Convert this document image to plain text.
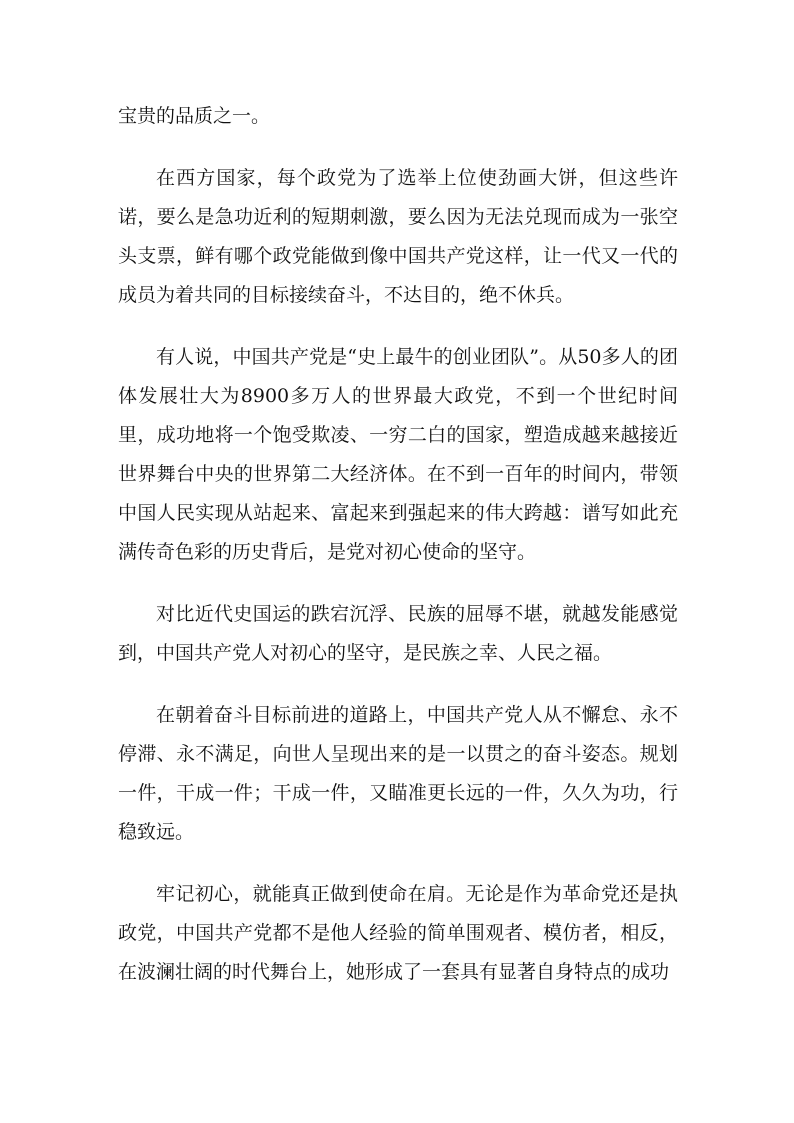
宝贵的品质之一。

在西方国家，每个政党为了选举上位使劲画大饼，但这些许诺，要么是急功近利的短期刺激，要么因为无法兑现而成为一张空头支票，鲜有哪个政党能做到像中国共产党这样，让一代又一代的成员为着共同的目标接续奋斗，不达目的，绝不休兵。

有人说，中国共产党是“史上最牛的创业团队”。从50多人的团体发展壮大为8900多万人的世界最大政党，不到一个世纪时间里，成功地将一个饱受欺凌、一穷二白的国家，塑造成越来越接近世界舞台中央的世界第二大经济体。在不到一百年的时间内，带领中国人民实现从站起来、富起来到强起来的伟大跨越：谱写如此充满传奇色彩的历史背后，是党对初心使命的坚守。

对比近代史国运的跌宕沉浮、民族的屈辱不堪，就越发能感觉到，中国共产党人对初心的坚守，是民族之幸、人民之福。

在朝着奋斗目标前进的道路上，中国共产党人从不懈怠、永不停滞、永不满足，向世人呈现出来的是一以贯之的奋斗姿态。规划一件，干成一件；干成一件，又瞄准更长远的一件，久久为功，行稳致远。

牢记初心，就能真正做到使命在肩。无论是作为革命党还是执政党，中国共产党都不是他人经验的简单围观者、模仿者，相反，在波澜壮阔的时代舞台上，她形成了一套具有显著自身特点的成功
